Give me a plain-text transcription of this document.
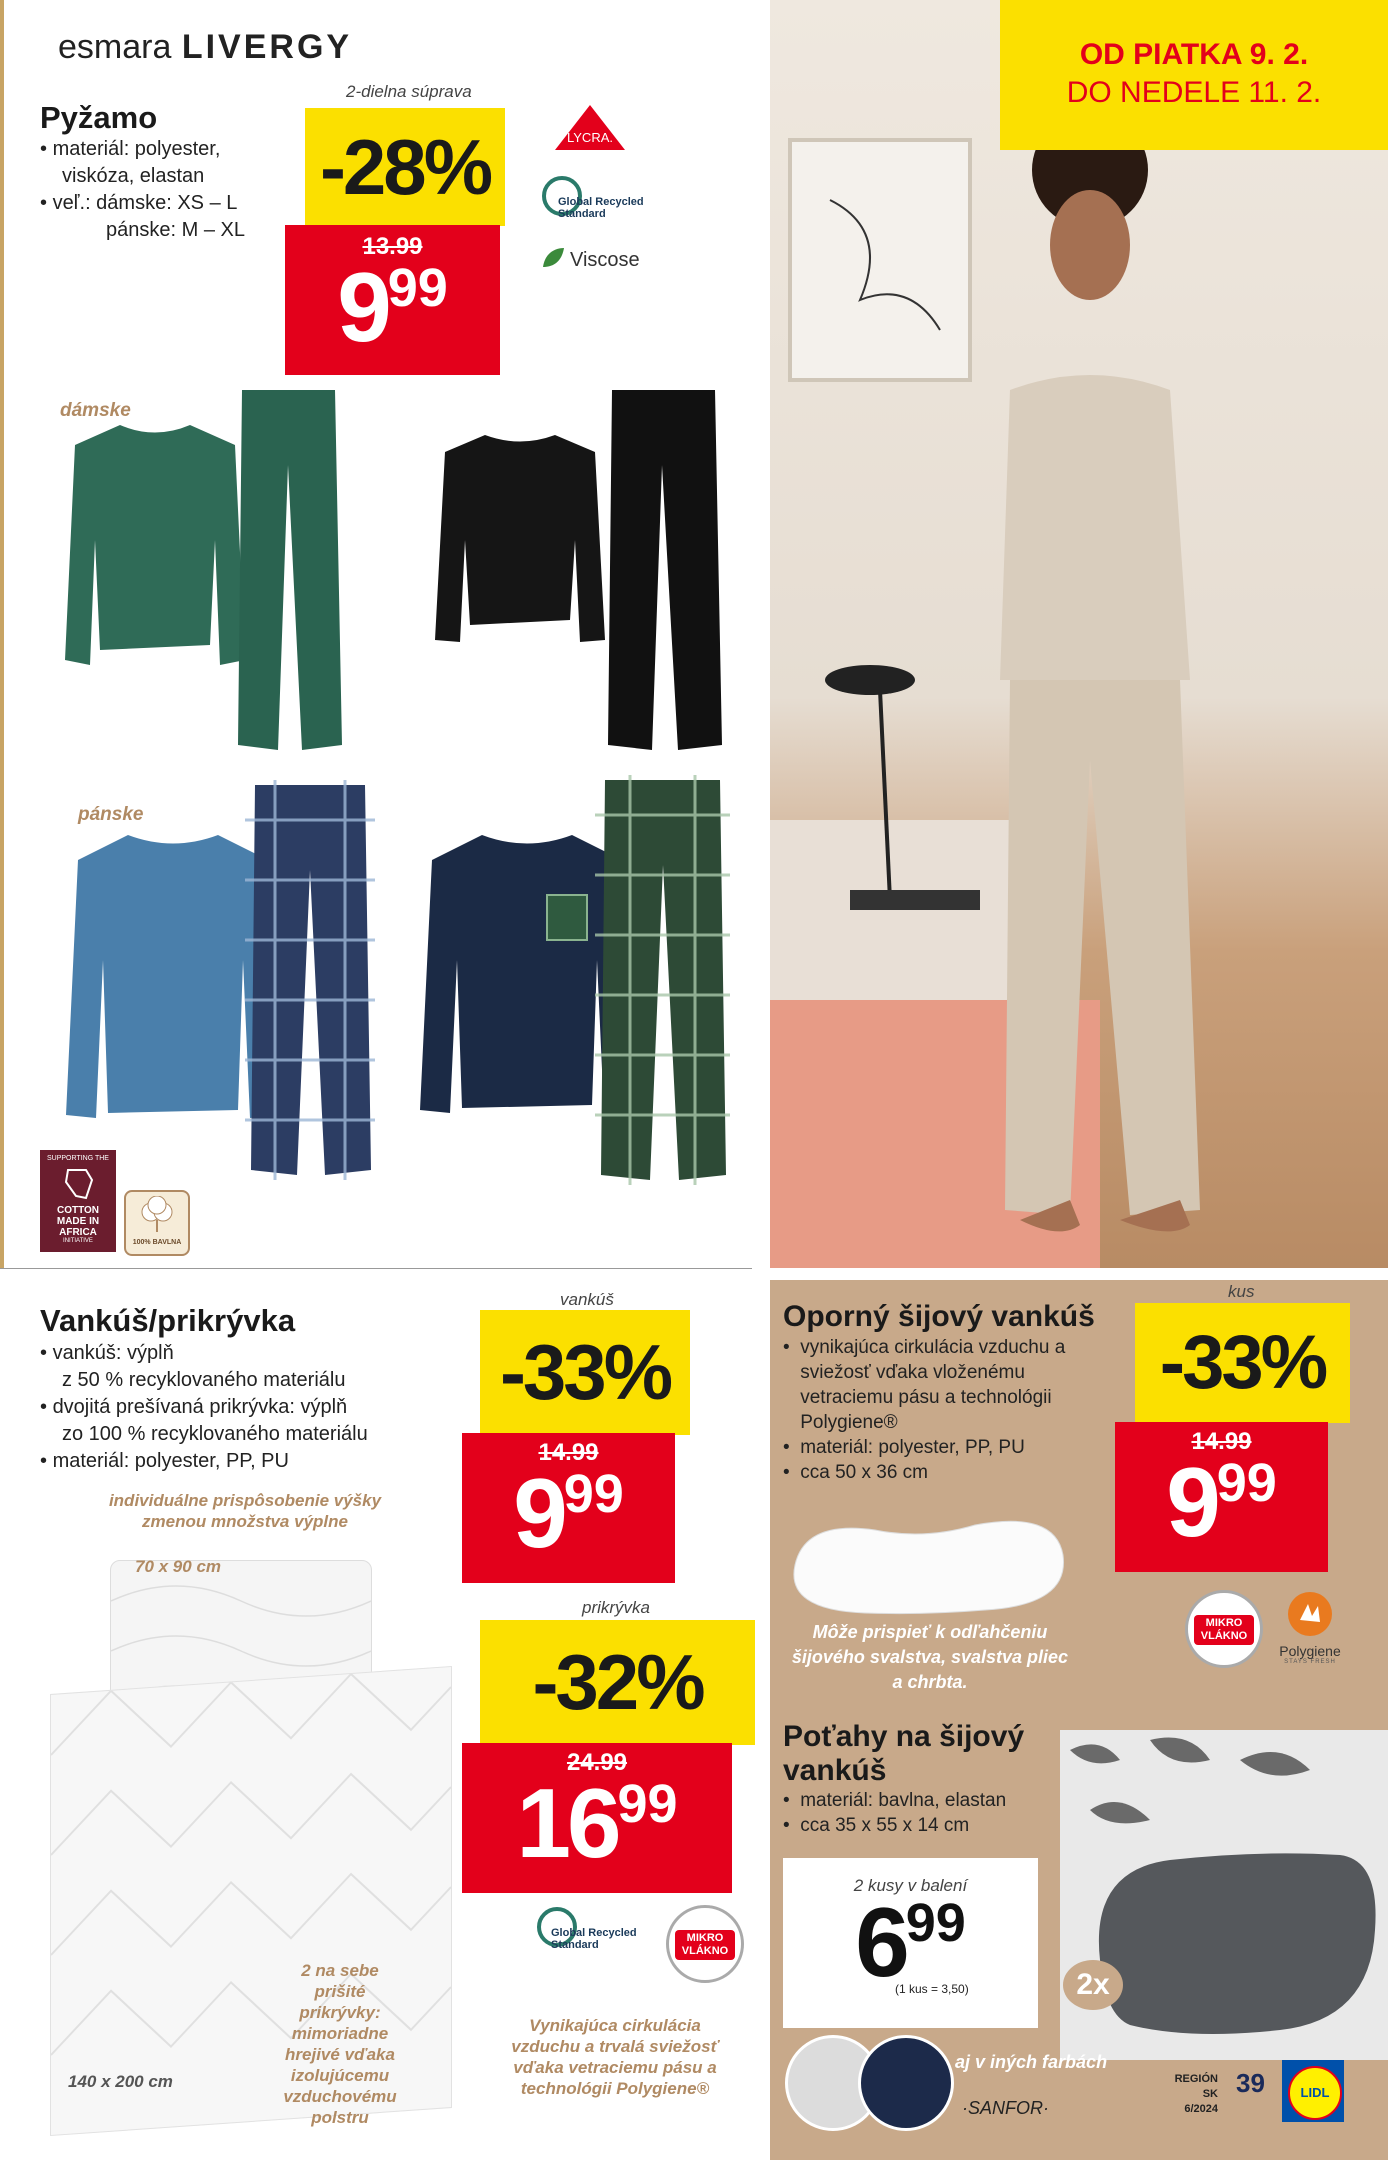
esmara LIVERGY
Pyžamo
• materiál: polyester,
viskóza, elastan
• veľ.: dámske: XS – L
pánske: M – XL
2-dielna súprava
-28%
13.99
$9^{99}$
LYCRA.
Global Recycled Standard
Viscose
dámske
pánske
SUPPORTING THE
COTTON MADE IN AFRICA
INITIATIVE	100% BAVLNA
OD PIATKA 9. 2.
DO NEDELE 11. 2.
Vankúš/prikrývka
• vankúš: výplň
z 50 % recyklovaného materiálu
• dvojitá prešívaná prikrývka: výplň
zo 100 % recyklovaného materiálu
• materiál: polyester, PP, PU
individuálne prispôsobenie výšky zmenou množstva výplne
70 x 90 cm
140 x 200 cm
2 na sebe prišité prikrývky: mimoriadne hrejivé vďaka izolujúcemu vzduchovému polstru
vankúš
-33%
14.99
$9^{99}$
prikrývka
-32%
24.99
$16^{99}$
Global Recycled Standard
MIKRO VLÁKNO
Vynikajúca cirkulácia vzduchu a trvalá sviežosť vďaka vetraciemu pásu a technológii Polygiene®
Oporný šijový vankúš
• vynikajúca cirkulácia vzduchu a sviežosť vďaka vloženému vetraciemu pásu a technológii Polygiene®
•  materiál: polyester, PP, PU
•  cca 50 x 36 cm
kus
-33%
14.99
$9^{99}$
Môže prispieť k odľahčeniu šijového svalstva, svalstva pliec a chrbta.
MIKRO VLÁKNO
Polygiene
STAYS FRESH
Poťahy na šijový vankúš
•  materiál: bavlna, elastan
•  cca 35 x 55 x 14 cm
2x
2 kusy v balení
$6^{99}$
(1 kus = 3,50)
aj v iných farbách
·SANFOR·
REGIÓN SK
6/2024
39	LIDL
